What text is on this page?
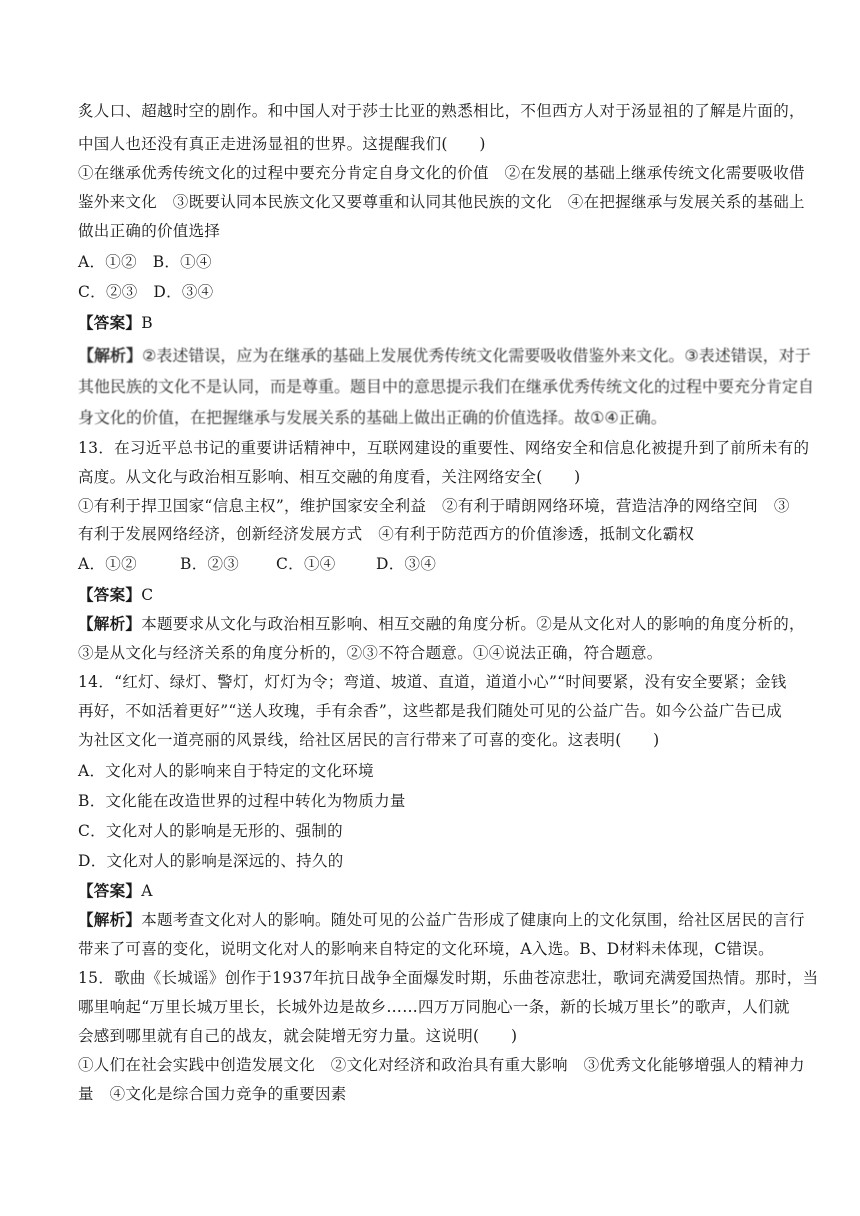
炙人口、超越时空的剧作。和中国人对于莎士比亚的熟悉相比，不但西方人对于汤显祖的了解是片面的，
中国人也还没有真正走进汤显祖的世界。这提醒我们(　　)
①在继承优秀传统文化的过程中要充分肯定自身文化的价值　②在发展的基础上继承传统文化需要吸收借
鉴外来文化　③既要认同本民族文化又要尊重和认同其他民族的文化　④在把握继承与发展关系的基础上
做出正确的价值选择
A．①②　B．①④
C．②③　D．③④
【答案】B
【解析】②表述错误，应为在继承的基础上发展优秀传统文化需要吸收借鉴外来文化。③表述错误，对于
其他民族的文化不是认同，而是尊重。题目中的意思提示我们在继承优秀传统文化的过程中要充分肯定自
身文化的价值，在把握继承与发展关系的基础上做出正确的价值选择。故①④正确。
13．在习近平总书记的重要讲话精神中，互联网建设的重要性、网络安全和信息化被提升到了前所未有的
高度。从文化与政治相互影响、相互交融的角度看，关注网络安全(　　)
①有利于捍卫国家“信息主权”，维护国家安全利益　②有利于晴朗网络环境，营造洁净的网络空间　③
有利于发展网络经济，创新经济发展方式　④有利于防范西方的价值渗透，抵制文化霸权
A．①②	B．②③ C．①④	D．③④
【答案】C
【解析】本题要求从文化与政治相互影响、相互交融的角度分析。②是从文化对人的影响的角度分析的，
③是从文化与经济关系的角度分析的，②③不符合题意。①④说法正确，符合题意。
14．“红灯、绿灯、警灯，灯灯为令；弯道、坡道、直道，道道小心”“时间要紧，没有安全要紧；金钱
再好，不如活着更好”“送人玫瑰，手有余香”，这些都是我们随处可见的公益广告。如今公益广告已成
为社区文化一道亮丽的风景线，给社区居民的言行带来了可喜的变化。这表明(　　)
A．文化对人的影响来自于特定的文化环境
B．文化能在改造世界的过程中转化为物质力量
C．文化对人的影响是无形的、强制的
D．文化对人的影响是深远的、持久的
【答案】A
【解析】本题考查文化对人的影响。随处可见的公益广告形成了健康向上的文化氛围，给社区居民的言行
带来了可喜的变化，说明文化对人的影响来自特定的文化环境，A入选。B、D材料未体现，C错误。
15．歌曲《长城谣》创作于1937年抗日战争全面爆发时期，乐曲苍凉悲壮，歌词充满爱国热情。那时，当
哪里响起“万里长城万里长，长城外边是故乡……四万万同胞心一条，新的长城万里长”的歌声，人们就
会感到哪里就有自己的战友，就会陡增无穷力量。这说明(　　)
①人们在社会实践中创造发展文化　②文化对经济和政治具有重大影响　③优秀文化能够增强人的精神力
量　④文化是综合国力竞争的重要因素
